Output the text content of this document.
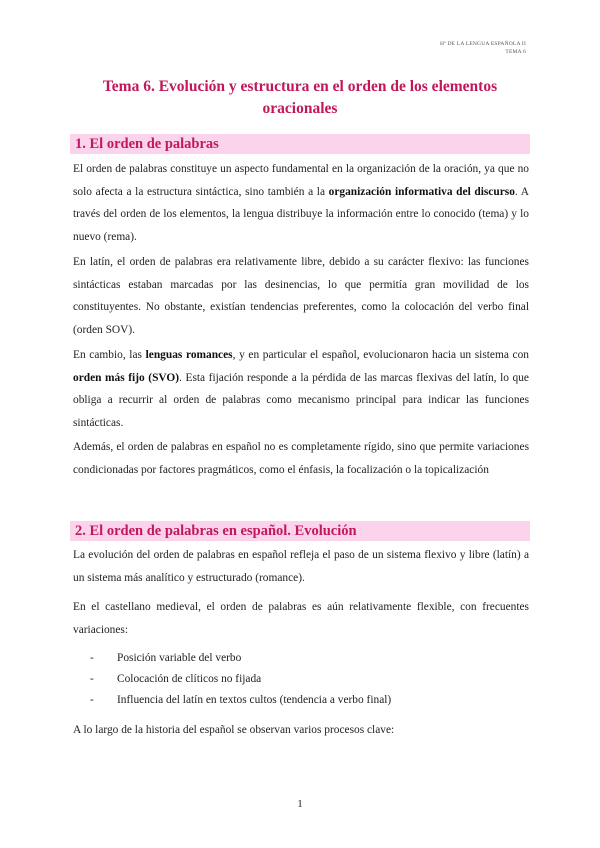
Hª DE LA LENGUA ESPAÑOLA II
TEMA 6
Tema 6. Evolución y estructura en el orden de los elementos oracionales
1. El orden de palabras
El orden de palabras constituye un aspecto fundamental en la organización de la oración, ya que no solo afecta a la estructura sintáctica, sino también a la organización informativa del discurso. A través del orden de los elementos, la lengua distribuye la información entre lo conocido (tema) y lo nuevo (rema).
En latín, el orden de palabras era relativamente libre, debido a su carácter flexivo: las funciones sintácticas estaban marcadas por las desinencias, lo que permitía gran movilidad de los constituyentes. No obstante, existían tendencias preferentes, como la colocación del verbo final (orden SOV).
En cambio, las lenguas romances, y en particular el español, evolucionaron hacia un sistema con orden más fijo (SVO). Esta fijación responde a la pérdida de las marcas flexivas del latín, lo que obliga a recurrir al orden de palabras como mecanismo principal para indicar las funciones sintácticas.
Además, el orden de palabras en español no es completamente rígido, sino que permite variaciones condicionadas por factores pragmáticos, como el énfasis, la focalización o la topicalización
2. El orden de palabras en español. Evolución
La evolución del orden de palabras en español refleja el paso de un sistema flexivo y libre (latín) a un sistema más analítico y estructurado (romance).
En el castellano medieval, el orden de palabras es aún relativamente flexible, con frecuentes variaciones:
- Posición variable del verbo
- Colocación de clíticos no fijada
- Influencia del latín en textos cultos (tendencia a verbo final)
A lo largo de la historia del español se observan varios procesos clave:
1
